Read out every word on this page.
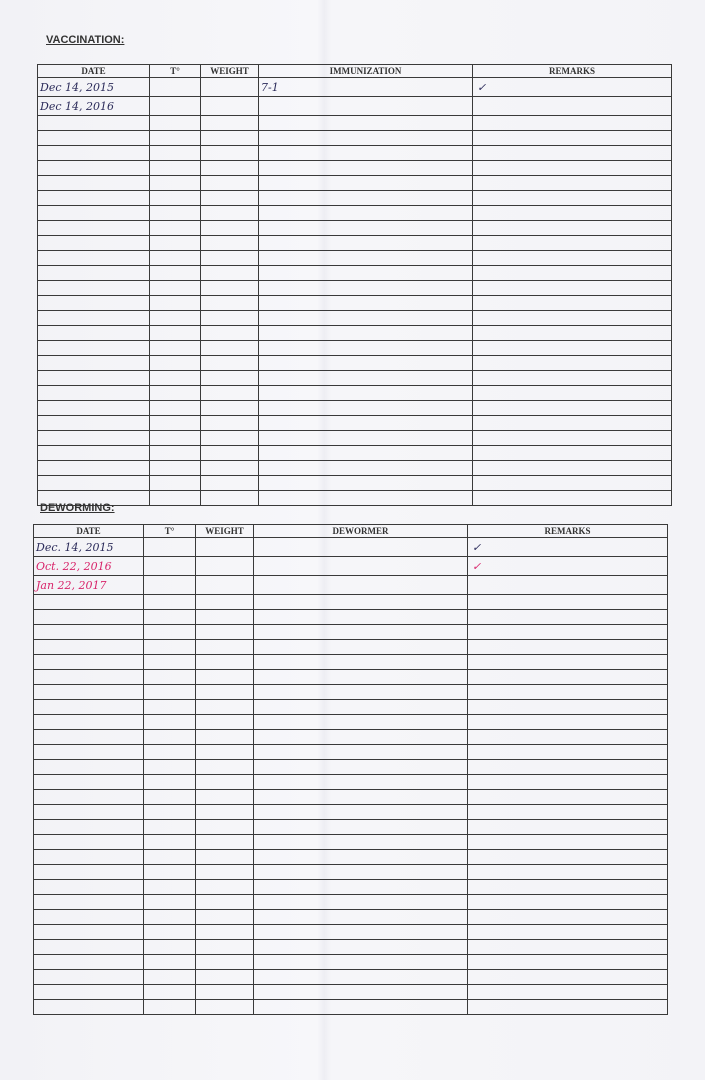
VACCINATION:
DATE	T°	WEIGHT	IMMUNIZATION	REMARKS
Dec 14, 2015			7-1	✓
Dec 14, 2016				

DEWORMING:
DATE	T°	WEIGHT	DEWORMER	REMARKS
Dec. 14, 2015				✓
Oct. 22, 2016				✓
Jan 22, 2017				
